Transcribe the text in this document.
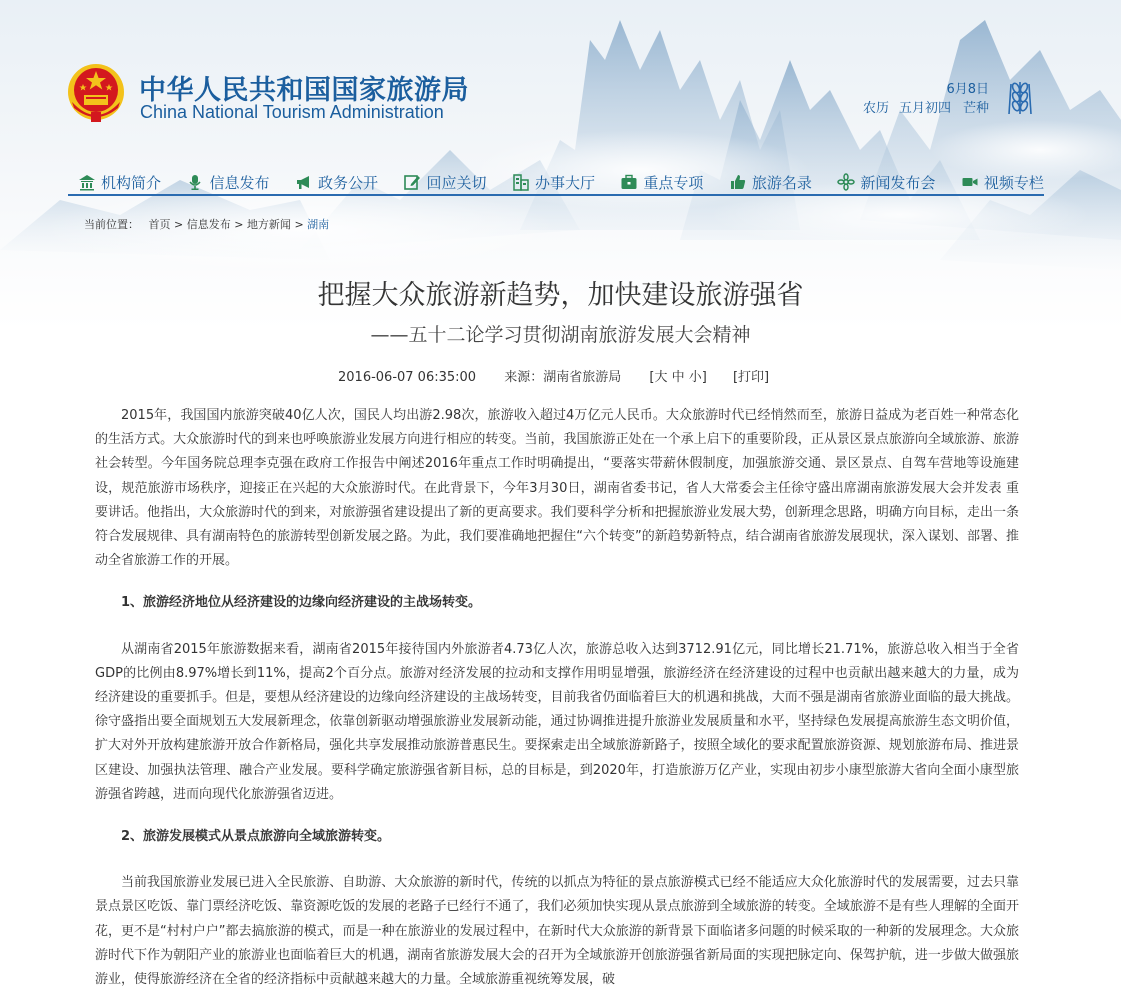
中华人民共和国国家旅游局
China National Tourism Administration
6月8日
农历 五月初四 芒种
机构简介	信息发布	政务公开	回应关切	办事大厅	重点专项	旅游名录	新闻发布会	视频专栏
当前位置： 首页 > 信息发布 > 地方新闻 > 湖南
把握大众旅游新趋势，加快建设旅游强省
——五十二论学习贯彻湖南旅游发展大会精神
2016-06-07 06:35:00 来源：湖南省旅游局 [大 中 小] [打印]

2015年，我国国内旅游突破40亿人次，国民人均出游2.98次，旅游收入超过4万亿元人民币。大众旅游时代已经悄然而至，旅游日益成为老百姓一种常态化的生活方式。大众旅游时代的到来也呼唤旅游业发展方向进行相应的转变。当前，我国旅游正处在一个承上启下的重要阶段，正从景区景点旅游向全域旅游、旅游社会转型。今年国务院总理李克强在政府工作报告中阐述2016年重点工作时明确提出，“要落实带薪休假制度，加强旅游交通、景区景点、自驾车营地等设施建设，规范旅游市场秩序，迎接正在兴起的大众旅游时代。在此背景下，今年3月30日，湖南省委书记，省人大常委会主任徐守盛出席湖南旅游发展大会并发表 重要讲话。他指出，大众旅游时代的到来，对旅游强省建设提出了新的更高要求。我们要科学分析和把握旅游业发展大势，创新理念思路，明确方向目标，走出一条符合发展规律、具有湖南特色的旅游转型创新发展之路。为此，我们要准确地把握住“六个转变”的新趋势新特点，结合湖南省旅游发展现状，深入谋划、部署、推动全省旅游工作的开展。

1、旅游经济地位从经济建设的边缘向经济建设的主战场转变。

从湖南省2015年旅游数据来看，湖南省2015年接待国内外旅游者4.73亿人次，旅游总收入达到3712.91亿元，同比增长21.71%，旅游总收入相当于全省GDP的比例由8.97%增长到11%，提高2个百分点。旅游对经济发展的拉动和支撑作用明显增强，旅游经济在经济建设的过程中也贡献出越来越大的力量，成为经济建设的重要抓手。但是，要想从经济建设的边缘向经济建设的主战场转变，目前我省仍面临着巨大的机遇和挑战，大而不强是湖南省旅游业面临的最大挑战。徐守盛指出要全面规划五大发展新理念，依靠创新驱动增强旅游业发展新动能，通过协调推进提升旅游业发展质量和水平，坚持绿色发展提高旅游生态文明价值，扩大对外开放构建旅游开放合作新格局，强化共享发展推动旅游普惠民生。要探索走出全域旅游新路子，按照全域化的要求配置旅游资源、规划旅游布局、推进景区建设、加强执法管理、融合产业发展。要科学确定旅游强省新目标，总的目标是，到2020年，打造旅游万亿产业，实现由初步小康型旅游大省向全面小康型旅游强省跨越，进而向现代化旅游强省迈进。

2、旅游发展模式从景点旅游向全域旅游转变。

当前我国旅游业发展已进入全民旅游、自助游、大众旅游的新时代，传统的以抓点为特征的景点旅游模式已经不能适应大众化旅游时代的发展需要，过去只靠景点景区吃饭、靠门票经济吃饭、靠资源吃饭的发展的老路子已经行不通了，我们必须加快实现从景点旅游到全域旅游的转变。全域旅游不是有些人理解的全面开花，更不是“村村户户”都去搞旅游的模式，而是一种在旅游业的发展过程中，在新时代大众旅游的新背景下面临诸多问题的时候采取的一种新的发展理念。大众旅游时代下作为朝阳产业的旅游业也面临着巨大的机遇，湖南省旅游发展大会的召开为全域旅游开创旅游强省新局面的实现把脉定向、保驾护航，进一步做大做强旅游业，使得旅游经济在全省的经济指标中贡献越来越大的力量。全域旅游重视统筹发展，破
